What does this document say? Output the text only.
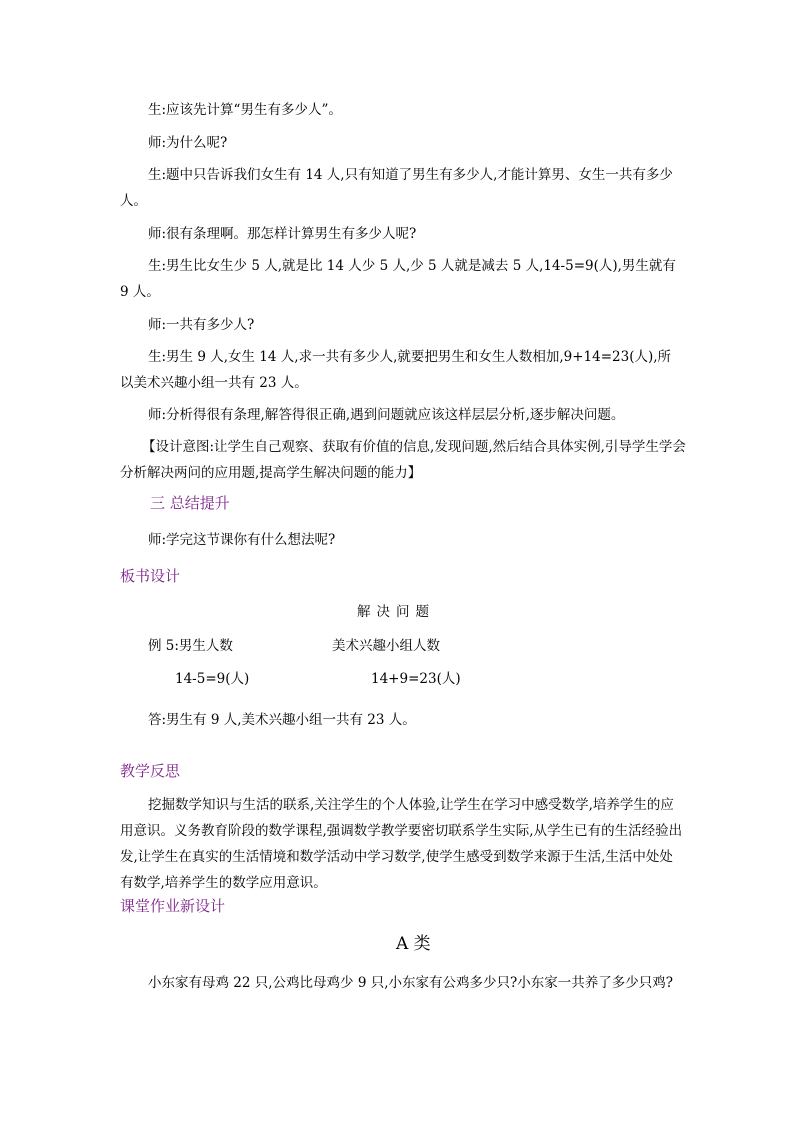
生:应该先计算“男生有多少人”。
师:为什么呢?
生:题中只告诉我们女生有 14 人,只有知道了男生有多少人,才能计算男、女生一共有多少人。
师:很有条理啊。那怎样计算男生有多少人呢?
生:男生比女生少 5 人,就是比 14 人少 5 人,少 5 人就是减去 5 人,14-5=9(人),男生就有 9 人。
师:一共有多少人?
生:男生 9 人,女生 14 人,求一共有多少人,就要把男生和女生人数相加,9+14=23(人),所以美术兴趣小组一共有 23 人。
师:分析得很有条理,解答得很正确,遇到问题就应该这样层层分析,逐步解决问题。
【设计意图:让学生自己观察、获取有价值的信息,发现问题,然后结合具体实例,引导学生学会分析解决两问的应用题,提高学生解决问题的能力】
三 总结提升
师:学完这节课你有什么想法呢?
板书设计
解决问题
例 5:男生人数	美术兴趣小组人数
14-5=9(人)	14+9=23(人)
答:男生有 9 人,美术兴趣小组一共有 23 人。
教学反思
挖掘数学知识与生活的联系,关注学生的个人体验,让学生在学习中感受数学,培养学生的应用意识。义务教育阶段的数学课程,强调数学教学要密切联系学生实际,从学生已有的生活经验出发,让学生在真实的生活情境和数学活动中学习数学,使学生感受到数学来源于生活,生活中处处有数学,培养学生的数学应用意识。
课堂作业新设计
A 类
小东家有母鸡 22 只,公鸡比母鸡少 9 只,小东家有公鸡多少只?小东家一共养了多少只鸡?
